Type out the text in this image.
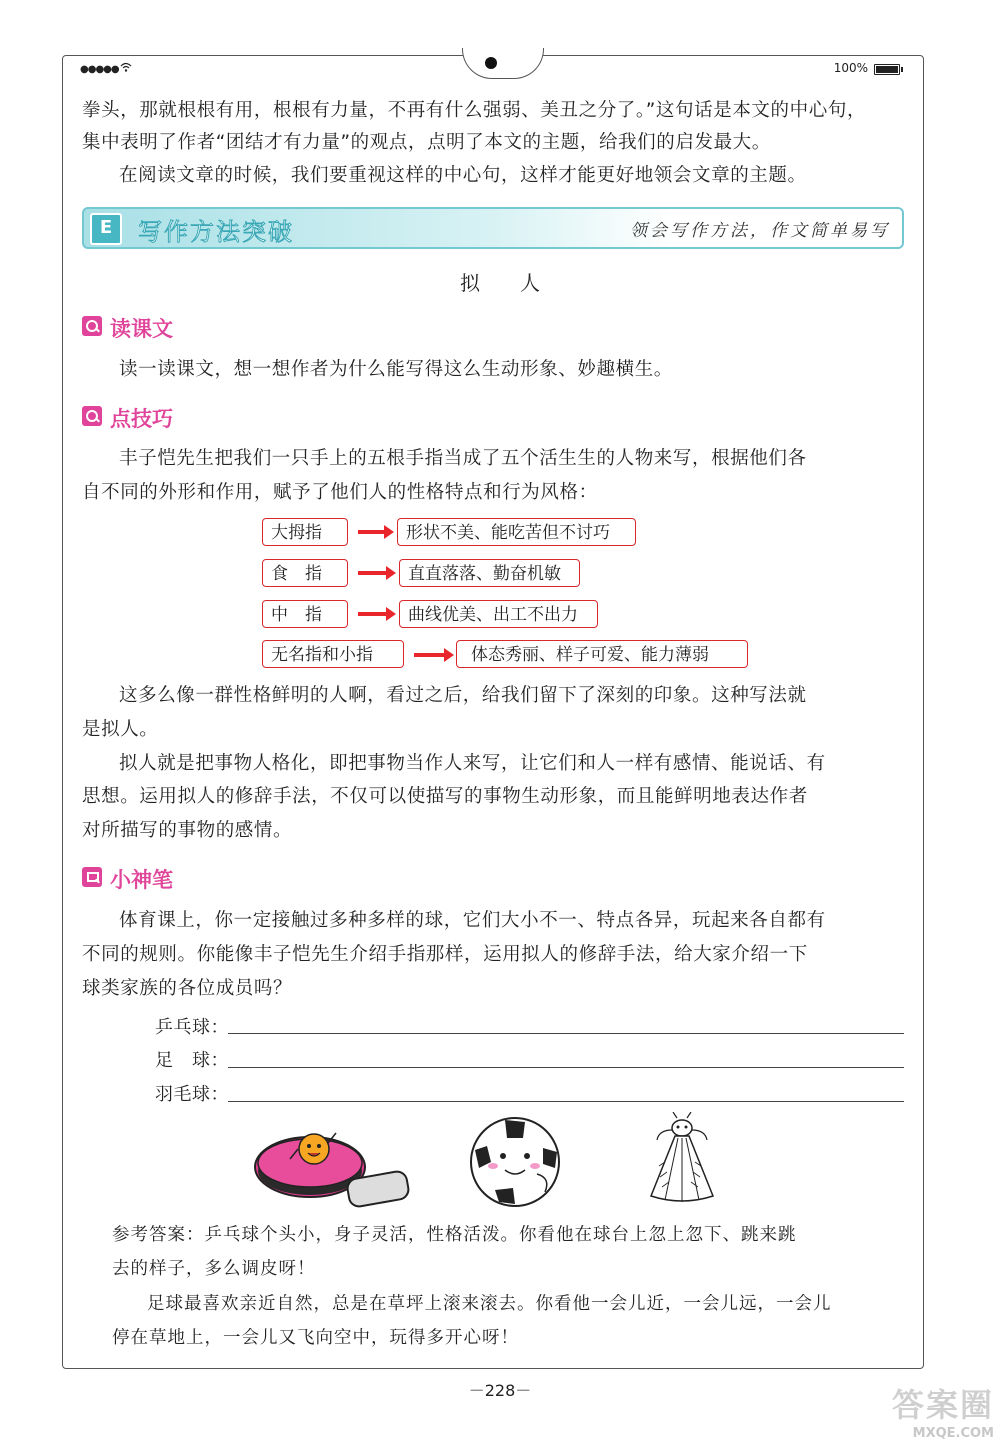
●●●●●	100%
拳头，那就根根有用，根根有力量，不再有什么强弱、美丑之分了。”这句话是本文的中心句，
集中表明了作者“团结才有力量”的观点，点明了本文的主题，给我们的启发最大。
在阅读文章的时候，我们要重视这样的中心句，这样才能更好地领会文章的主题。
E	写作方法突破	领会写作方法，作文简单易写
拟人
读课文
读一读课文，想一想作者为什么能写得这么生动形象、妙趣横生。
点技巧
丰子恺先生把我们一只手上的五根手指当成了五个活生生的人物来写，根据他们各
自不同的外形和作用，赋予了他们人的性格特点和行为风格：
大拇指	形状不美、能吃苦但不讨巧
食　指	直直落落、勤奋机敏
中　指	曲线优美、出工不出力
无名指和小指	体态秀丽、样子可爱、能力薄弱
这多么像一群性格鲜明的人啊，看过之后，给我们留下了深刻的印象。这种写法就
是拟人。
拟人就是把事物人格化，即把事物当作人来写，让它们和人一样有感情、能说话、有
思想。运用拟人的修辞手法，不仅可以使描写的事物生动形象，而且能鲜明地表达作者
对所描写的事物的感情。
小神笔
体育课上，你一定接触过多种多样的球，它们大小不一、特点各异，玩起来各自都有
不同的规则。你能像丰子恺先生介绍手指那样，运用拟人的修辞手法，给大家介绍一下
球类家族的各位成员吗？
乒乓球：
足　球：
羽毛球：
参考答案：乒乓球个头小，身子灵活，性格活泼。你看他在球台上忽上忽下、跳来跳
去的样子，多么调皮呀！
足球最喜欢亲近自然，总是在草坪上滚来滚去。你看他一会儿近，一会儿远，一会儿
停在草地上，一会儿又飞向空中，玩得多开心呀！
－228－	答案圈
MXQE.COM
